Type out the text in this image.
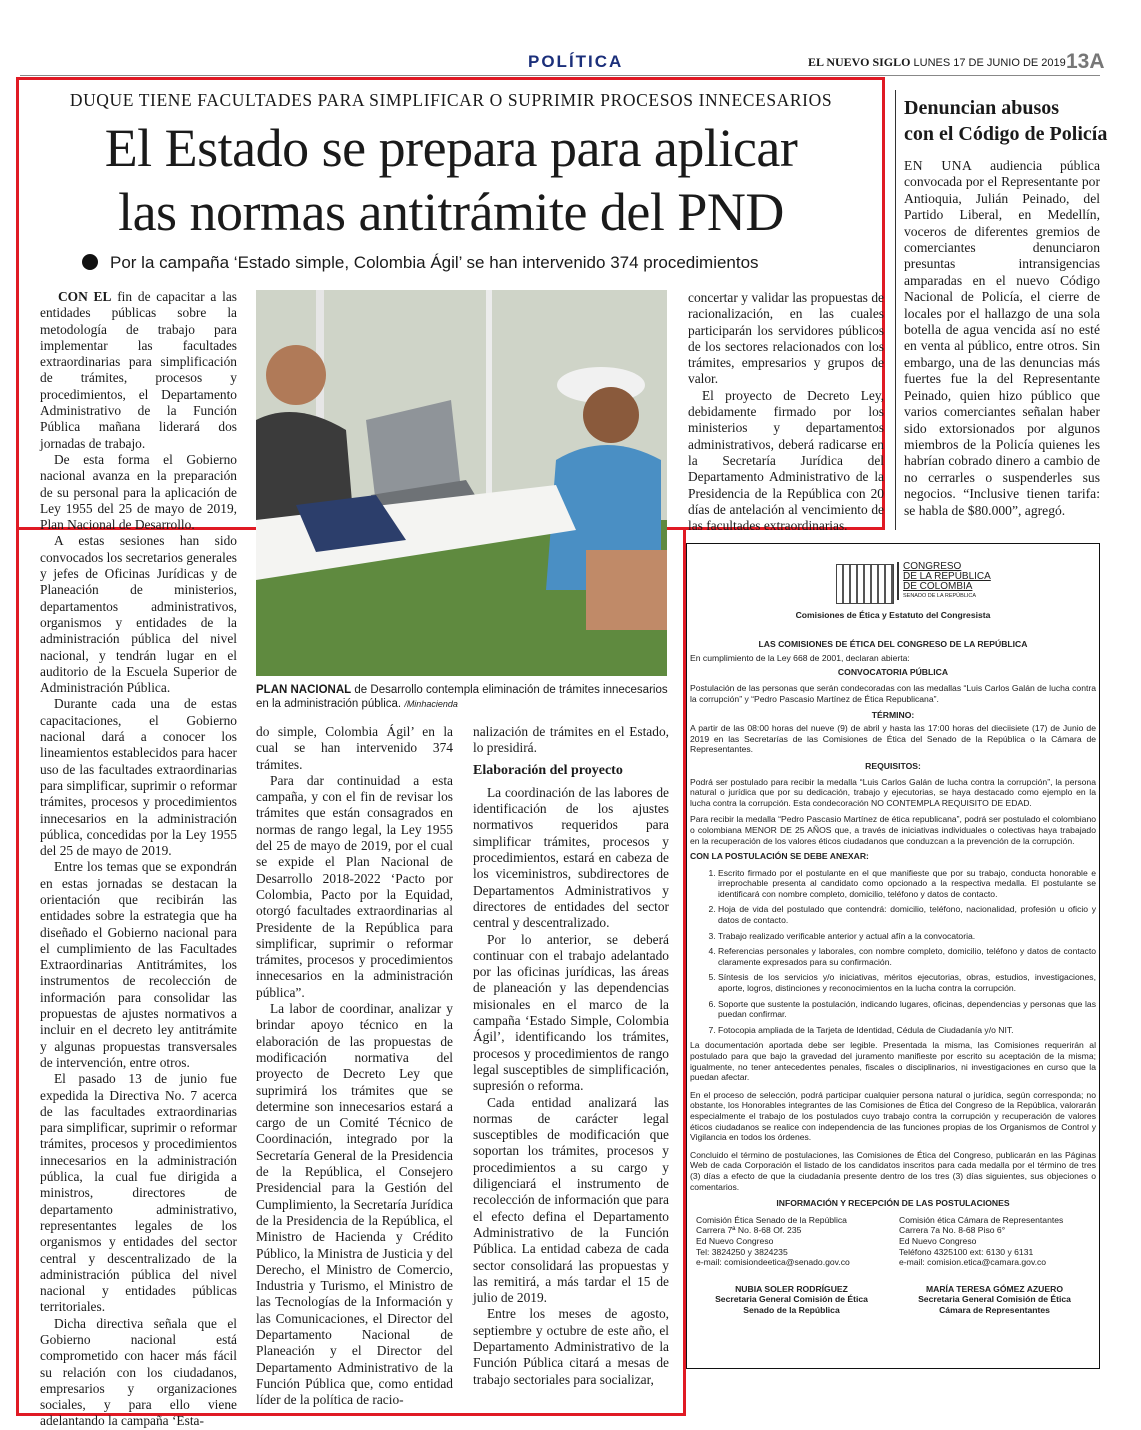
POLÍTICA	EL NUEVO SIGLO LUNES 17 DE JUNIO DE 2019 13A
DUQUE TIENE FACULTADES PARA SIMPLIFICAR O SUPRIMIR PROCESOS INNECESARIOS
El Estado se prepara para aplicar
las normas antitrámite del PND
Por la campaña ‘Estado simple, Colombia Ágil’ se han intervenido 374 procedimientos

CON EL fin de capacitar a las entidades públicas sobre la metodología de trabajo para implementar las facultades extraordinarias para simplificación de trámites, procesos y procedimientos, el Departamento Administrativo de la Función Pública mañana liderará dos jornadas de trabajo.

De esta forma el Gobierno nacional avanza en la preparación de su personal para la aplicación de Ley 1955 del 25 de mayo de 2019, Plan Nacional de Desarrollo.

A estas sesiones han sido convocados los secretarios generales y jefes de Oficinas Jurídicas y de Planeación de ministerios, departamentos administrativos, organismos y entidades de la administración pública del nivel nacional, y tendrán lugar en el auditorio de la Escuela Superior de Administración Pública.

Durante cada una de estas capacitaciones, el Gobierno nacional dará a conocer los lineamientos establecidos para hacer uso de las facultades extraordinarias para simplificar, suprimir o reformar trámites, procesos y procedimientos innecesarios en la administración pública, concedidas por la Ley 1955 del 25 de mayo de 2019.

Entre los temas que se expondrán en estas jornadas se destacan la orientación que recibirán las entidades sobre la estrategia que ha diseñado el Gobierno nacional para el cumplimiento de las Facultades Extraordinarias Antitrámites, los instrumentos de recolección de información para consolidar las propuestas de ajustes normativos a incluir en el decreto ley antitrámite y algunas propuestas transversales de intervención, entre otros.

El pasado 13 de junio fue expedida la Directiva No. 7 acerca de las facultades extraordinarias para simplificar, suprimir o reformar trámites, procesos y procedimientos innecesarios en la administración pública, la cual fue dirigida a ministros, directores de departamento administrativo, representantes legales de los organismos y entidades del sector central y descentralizado de la administración pública del nivel nacional y entidades públicas territoriales.

Dicha directiva señala que el Gobierno nacional está comprometido con hacer más fácil su relación con los ciudadanos, empresarios y organizaciones sociales, y para ello viene adelantando la campaña ‘Esta-

PLAN NACIONAL de Desarrollo contempla eliminación de trámites innecesarios en la administración pública. /Minhacienda

do simple, Colombia Ágil’ en la cual se han intervenido 374 trámites.

Para dar continuidad a esta campaña, y con el fin de revisar los trámites que están consagrados en normas de rango legal, la Ley 1955 del 25 de mayo de 2019, por el cual se expide el Plan Nacional de Desarrollo 2018-2022 ‘Pacto por Colombia, Pacto por la Equidad, otorgó facultades extraordinarias al Presidente de la República para simplificar, suprimir o reformar trámites, procesos y procedimientos innecesarios en la administración pública”.

La labor de coordinar, analizar y brindar apoyo técnico en la elaboración de las propuestas de modificación normativa del proyecto de Decreto Ley que suprimirá los trámites que se determine son innecesarios estará a cargo de un Comité Técnico de Coordinación, integrado por la Secretaría General de la Presidencia de la República, el Consejero Presidencial para la Gestión del Cumplimiento, la Secretaría Jurídica de la Presidencia de la República, el Ministro de Hacienda y Crédito Público, la Ministra de Justicia y del Derecho, el Ministro de Comercio, Industria y Turismo, el Ministro de las Tecnologías de la Información y las Comunicaciones, el Director del Departamento Nacional de Planeación y el Director del Departamento Administrativo de la Función Pública que, como entidad líder de la política de racio-

nalización de trámites en el Estado, lo presidirá.

Elaboración del proyecto

La coordinación de las labores de identificación de los ajustes normativos requeridos para simplificar trámites, procesos y procedimientos, estará en cabeza de los viceministros, subdirectores de Departamentos Administrativos y directores de entidades del sector central y descentralizado.

Por lo anterior, se deberá continuar con el trabajo adelantado por las oficinas jurídicas, las áreas de planeación y las dependencias misionales en el marco de la campaña ‘Estado Simple, Colombia Ágil’, identificando los trámites, procesos y procedimientos de rango legal susceptibles de simplificación, supresión o reforma.

Cada entidad analizará las normas de carácter legal susceptibles de modificación que soportan los trámites, procesos y procedimientos a su cargo y diligenciará el instrumento de recolección de información que para el efecto defina el Departamento Administrativo de la Función Pública. La entidad cabeza de cada sector consolidará las propuestas y las remitirá, a más tardar el 15 de julio de 2019.

Entre los meses de agosto, septiembre y octubre de este año, el Departamento Administrativo de la Función Pública citará a mesas de trabajo sectoriales para socializar,

concertar y validar las propuestas de racionalización, en las cuales participarán los servidores públicos de los sectores relacionados con los trámites, empresarios y grupos de valor.

El proyecto de Decreto Ley, debidamente firmado por los ministerios y departamentos administrativos, deberá radicarse en la Secretaría Jurídica del Departamento Administrativo de la Presidencia de la República con 20 días de antelación al vencimiento de las facultades extraordinarias.

Denuncian abusos
con el Código de Policía

EN UNA audiencia pública convocada por el Representante por Antioquia, Julián Peinado, del Partido Liberal, en Medellín, voceros de diferentes gremios de comerciantes denunciaron presuntas intransigencias amparadas en el nuevo Código Nacional de Policía, el cierre de locales por el hallazgo de una sola botella de agua vencida así no esté en venta al público, entre otros. Sin embargo, una de las denuncias más fuertes fue la del Representante Peinado, quien hizo público que varios comerciantes señalan haber sido extorsionados por algunos miembros de la Policía quienes les habrían cobrado dinero a cambio de no cerrarles o suspenderles sus negocios. “Inclusive tienen tarifa: se habla de $80.000”, agregó.

CONGRESO
DE LA REPÚBLICA
DE COLOMBIA
SENADO DE LA REPÚBLICA
Comisiones de Ética y Estatuto del Congresista
LAS COMISIONES DE ÉTICA DEL CONGRESO DE LA REPÚBLICA

En cumplimiento de la Ley 668 de 2001, declaran abierta:

CONVOCATORIA PÚBLICA

Postulación de las personas que serán condecoradas con las medallas “Luis Carlos Galán de lucha contra la corrupción” y “Pedro Pascasio Martínez de Ética Republicana”.

TÉRMINO:

A partir de las 08:00 horas del nueve (9) de abril y hasta las 17:00 horas del dieciisiete (17) de Junio de 2019 en las Secretarías de las Comisiones de Ética del Senado de la República o la Cámara de Representantes.

REQUISITOS:

Podrá ser postulado para recibir la medalla “Luis Carlos Galán de lucha contra la corrupción”, la persona natural o jurídica que por su dedicación, trabajo y ejecutorias, se haya destacado como ejemplo en la lucha contra la corrupción. Esta condecoración NO CONTEMPLA REQUISITO DE EDAD.

Para recibir la medalla “Pedro Pascasio Martínez de ética republicana”, podrá ser postulado el colombiano o colombiana MENOR DE 25 AÑOS que, a través de iniciativas individuales o colectivas haya trabajado en la recuperación de los valores éticos ciudadanos que conduzcan a la prevención de la corrupción.

CON LA POSTULACIÓN SE DEBE ANEXAR:
1. Escrito firmado por el postulante en el que manifieste que por su trabajo, conducta honorable e irreprochable presenta al candidato como opcionado a la respectiva medalla. El postulante se identificará con nombre completo, domicilio, teléfono y datos de contacto.
2. Hoja de vida del postulado que contendrá: domicilio, teléfono, nacionalidad, profesión u oficio y datos de contacto.
3. Trabajo realizado verificable anterior y actual afín a la convocatoria.
4. Referencias personales y laborales, con nombre completo, domicilio, teléfono y datos de contacto claramente expresados para su confirmación.
5. Síntesis de los servicios y/o iniciativas, méritos ejecutorias, obras, estudios, investigaciones, aporte, logros, distinciones y reconocimientos en la lucha contra la corrupción.
6. Soporte que sustente la postulación, indicando lugares, oficinas, dependencias y personas que las puedan confirmar.
7. Fotocopia ampliada de la Tarjeta de Identidad, Cédula de Ciudadanía y/o NIT.

La documentación aportada debe ser legible. Presentada la misma, las Comisiones requerirán al postulado para que bajo la gravedad del juramento manifieste por escrito su aceptación de la misma; igualmente, no tener antecedentes penales, fiscales o disciplinarios, ni investigaciones en curso que la puedan afectar.

En el proceso de selección, podrá participar cualquier persona natural o jurídica, según corresponda; no obstante, los Honorables integrantes de las Comisiones de Ética del Congreso de la República, valorarán especialmente el trabajo de los postulados cuyo trabajo contra la corrupción y recuperación de valores éticos ciudadanos se realice con independencia de las funciones propias de los Organismos de Control y Vigilancia en todos los órdenes.

Concluido el término de postulaciones, las Comisiones de Ética del Congreso, publicarán en las Páginas Web de cada Corporación el listado de los candidatos inscritos para cada medalla por el término de tres (3) días a efecto de que la ciudadanía presente dentro de los tres (3) días siguientes, sus objeciones o comentarios.

INFORMACIÓN Y RECEPCIÓN DE LAS POSTULACIONES
Comisión Ética Senado de la República
Carrera 7ª No. 8-68 Of. 235
Ed Nuevo Congreso
Tel: 3824250 y 3824235
e-mail: comisiondeetica@senado.gov.co
Comisión ética Cámara de Representantes
Carrera 7a No. 8-68 Piso 6°
Ed Nuevo Congreso
Teléfono 4325100 ext: 6130 y 6131
e-mail: comision.etica@camara.gov.co
NUBIA SOLER RODRÍGUEZ
Secretaria General Comisión de Ética
Senado de la República
MARÍA TERESA GÓMEZ AZUERO
Secretaria General Comisión de Ética
Cámara de Representantes
